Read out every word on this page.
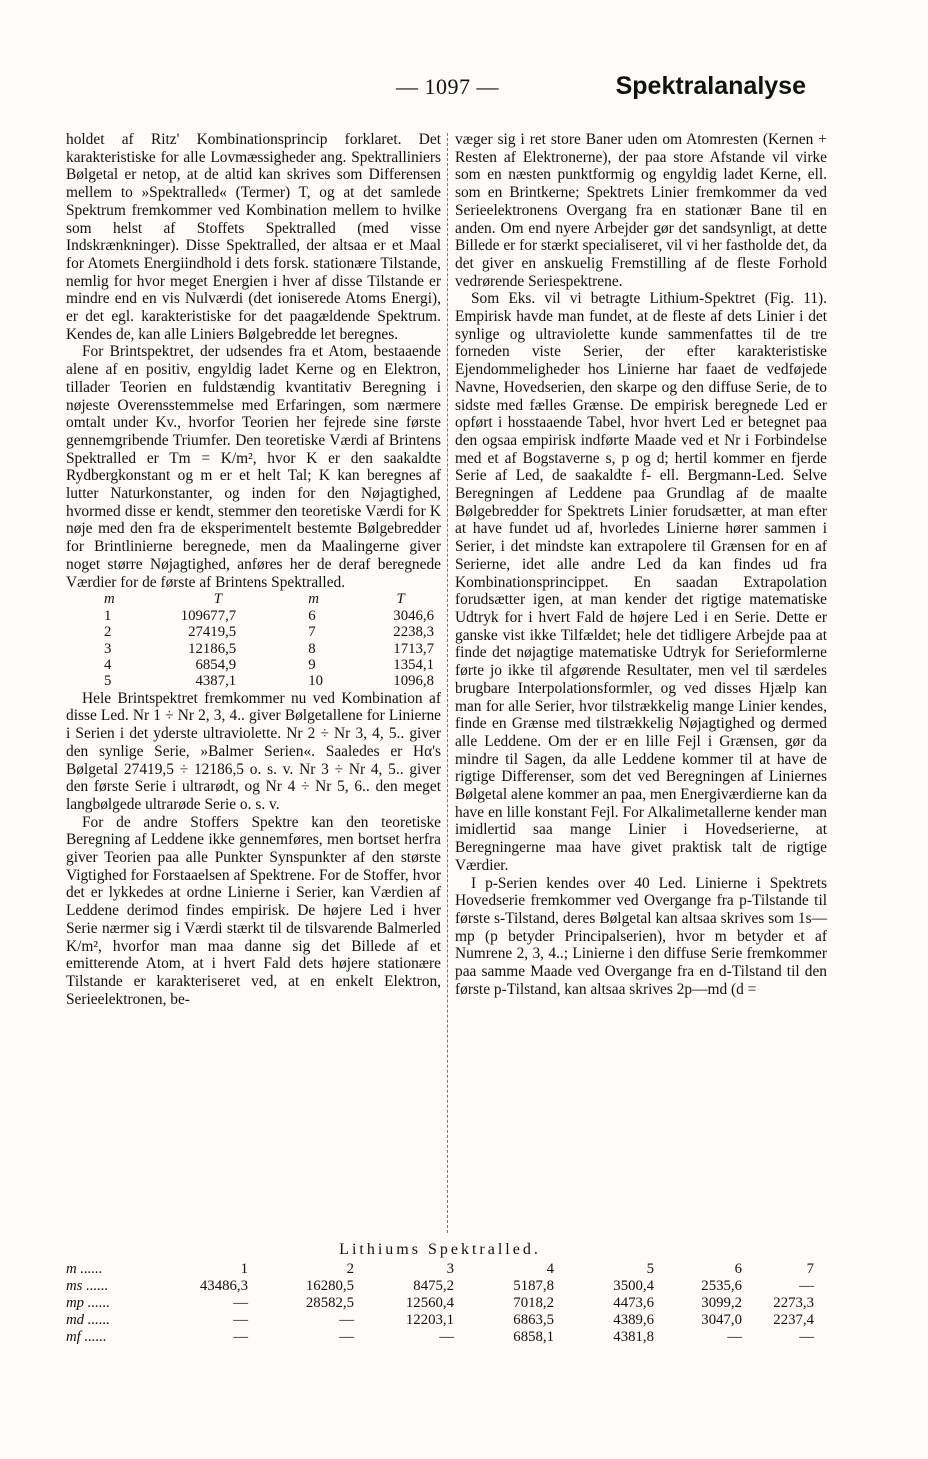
— 1097 —	Spektralanalyse

holdet af Ritz' Kombinationsprincip forklaret. Det karakteristiske for alle Lovmæssigheder ang. Spektralliniers Bølgetal er netop, at de altid kan skrives som Differensen mellem to »Spektralled« (Termer) T, og at det samlede Spektrum fremkommer ved Kombination mellem to hvilke som helst af Stoffets Spektralled (med visse Indskrænkninger). Disse Spektralled, der altsaa er et Maal for Atomets Energiindhold i dets forsk. stationære Tilstande, nemlig for hvor meget Energien i hver af disse Tilstande er mindre end en vis Nulværdi (det ioniserede Atoms Energi), er det egl. karakteristiske for det paagældende Spektrum. Kendes de, kan alle Liniers Bølgebredde let beregnes.

For Brintspektret, der udsendes fra et Atom, bestaaende alene af en positiv, engyldig ladet Kerne og en Elektron, tillader Teorien en fuldstændig kvantitativ Beregning i nøjeste Overensstemmelse med Erfaringen, som nærmere omtalt under Kv., hvorfor Teorien her fejrede sine første gennemgribende Triumfer. Den teoretiske Værdi af Brintens Spektralled er Tm = K/m², hvor K er den saakaldte Rydbergkonstant og m er et helt Tal; K kan beregnes af lutter Naturkonstanter, og inden for den Nøjagtighed, hvormed disse er kendt, stemmer den teoretiske Værdi for K nøje med den fra de eksperimentelt bestemte Bølgebredder for Brintlinierne beregnede, men da Maalingerne giver noget større Nøjagtighed, anføres her de deraf beregnede Værdier for de første af Brintens Spektralled.

m	T	m	T
1	109677,7	6	3046,6
2	27419,5	7	2238,3
3	12186,5	8	1713,7
4	6854,9	9	1354,1
5	4387,1	10	1096,8

Hele Brintspektret fremkommer nu ved Kombination af disse Led. Nr 1 ÷ Nr 2, 3, 4.. giver Bølgetallene for Linierne i Serien i det yderste ultraviolette. Nr 2 ÷ Nr 3, 4, 5.. giver den synlige Serie, »Balmer Serien«. Saaledes er Hα's Bølgetal 27419,5 ÷ 12186,5 o. s. v. Nr 3 ÷ Nr 4, 5.. giver den første Serie i ultrarødt, og Nr 4 ÷ Nr 5, 6.. den meget langbølgede ultrarøde Serie o. s. v.

For de andre Stoffers Spektre kan den teoretiske Beregning af Leddene ikke gennemføres, men bortset herfra giver Teorien paa alle Punkter Synspunkter af den største Vigtighed for Forstaaelsen af Spektrene. For de Stoffer, hvor det er lykkedes at ordne Linierne i Serier, kan Værdien af Leddene derimod findes empirisk. De højere Led i hver Serie nærmer sig i Værdi stærkt til de tilsvarende Balmerled K/m², hvorfor man maa danne sig det Billede af et emitterende Atom, at i hvert Fald dets højere stationære Tilstande er karakteriseret ved, at en enkelt Elektron, Serieelektronen, be-

væger sig i ret store Baner uden om Atomresten (Kernen + Resten af Elektronerne), der paa store Afstande vil virke som en næsten punktformig og engyldig ladet Kerne, ell. som en Brintkerne; Spektrets Linier fremkommer da ved Serieelektronens Overgang fra en stationær Bane til en anden. Om end nyere Arbejder gør det sandsynligt, at dette Billede er for stærkt specialiseret, vil vi her fastholde det, da det giver en anskuelig Fremstilling af de fleste Forhold vedrørende Seriespektrene.

Som Eks. vil vi betragte Lithium-Spektret (Fig. 11). Empirisk havde man fundet, at de fleste af dets Linier i det synlige og ultraviolette kunde sammenfattes til de tre forneden viste Serier, der efter karakteristiske Ejendommeligheder hos Linierne har faaet de vedføjede Navne, Hovedserien, den skarpe og den diffuse Serie, de to sidste med fælles Grænse. De empirisk beregnede Led er opført i hosstaaende Tabel, hvor hvert Led er betegnet paa den ogsaa empirisk indførte Maade ved et Nr i Forbindelse med et af Bogstaverne s, p og d; hertil kommer en fjerde Serie af Led, de saakaldte f- ell. Bergmann-Led. Selve Beregningen af Leddene paa Grundlag af de maalte Bølgebredder for Spektrets Linier forudsætter, at man efter at have fundet ud af, hvorledes Linierne hører sammen i Serier, i det mindste kan extrapolere til Grænsen for en af Serierne, idet alle andre Led da kan findes ud fra Kombinationsprincippet. En saadan Extrapolation forudsætter igen, at man kender det rigtige matematiske Udtryk for i hvert Fald de højere Led i en Serie. Dette er ganske vist ikke Tilfældet; hele det tidligere Arbejde paa at finde det nøjagtige matematiske Udtryk for Serieformlerne førte jo ikke til afgørende Resultater, men vel til særdeles brugbare Interpolationsformler, og ved disses Hjælp kan man for alle Serier, hvor tilstrækkelig mange Linier kendes, finde en Grænse med tilstrækkelig Nøjagtighed og dermed alle Leddene. Om der er en lille Fejl i Grænsen, gør da mindre til Sagen, da alle Leddene kommer til at have de rigtige Differenser, som det ved Beregningen af Liniernes Bølgetal alene kommer an paa, men Energiværdierne kan da have en lille konstant Fejl. For Alkalimetallerne kender man imidlertid saa mange Linier i Hovedserierne, at Beregningerne maa have givet praktisk talt de rigtige Værdier.

I p-Serien kendes over 40 Led. Linierne i Spektrets Hovedserie fremkommer ved Overgange fra p-Tilstande til første s-Tilstand, deres Bølgetal kan altsaa skrives som 1s—mp (p betyder Principalserien), hvor m betyder et af Numrene 2, 3, 4..; Linierne i den diffuse Serie fremkommer paa samme Maade ved Overgange fra en d-Tilstand til den første p-Tilstand, kan altsaa skrives 2p—md (d =

Lithiums Spektralled.
m ......	1	2	3	4	5	6	7
ms ......	43486,3	16280,5	8475,2	5187,8	3500,4	2535,6	—
mp ......	—	28582,5	12560,4	7018,2	4473,6	3099,2	2273,3
md ......	—	—	12203,1	6863,5	4389,6	3047,0	2237,4
mf ......	—	—	—	6858,1	4381,8	—	—
